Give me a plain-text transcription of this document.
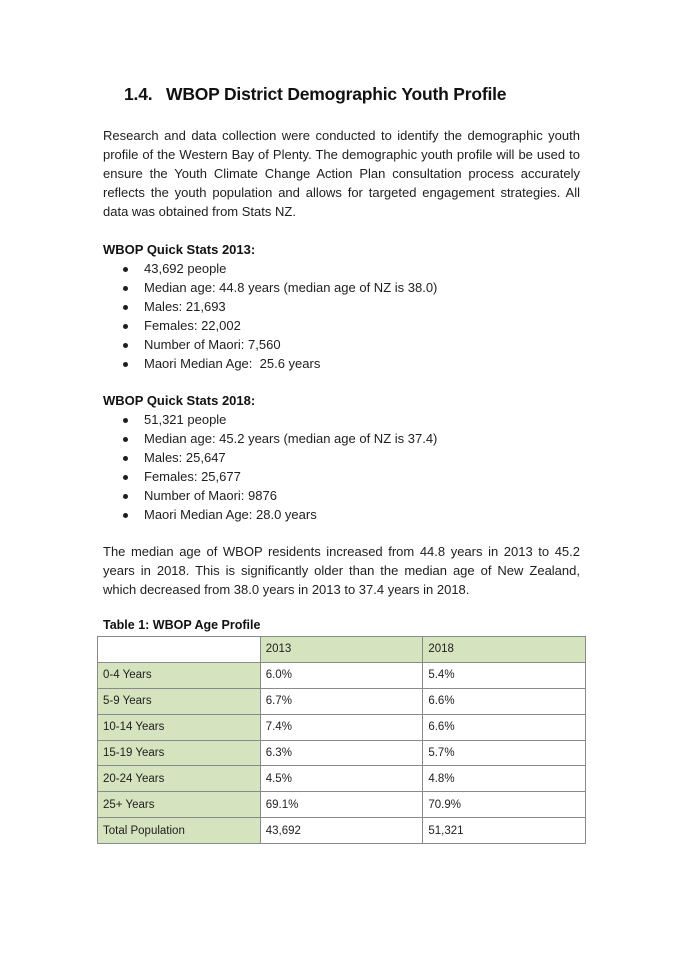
1.4. WBOP District Demographic Youth Profile

Research and data collection were conducted to identify the demographic youth profile of the Western Bay of Plenty. The demographic youth profile will be used to ensure the Youth Climate Change Action Plan consultation process accurately reflects the youth population and allows for targeted engagement strategies. All data was obtained from Stats NZ.

WBOP Quick Stats 2013:

43,692 people
Median age: 44.8 years (median age of NZ is 38.0)
Males: 21,693
Females: 22,002
Number of Maori: 7,560
Maori Median Age:  25.6 years

WBOP Quick Stats 2018:

51,321 people
Median age: 45.2 years (median age of NZ is 37.4)
Males: 25,647
Females: 25,677
Number of Maori: 9876
Maori Median Age: 28.0 years

The median age of WBOP residents increased from 44.8 years in 2013 to 45.2 years in 2018. This is significantly older than the median age of New Zealand, which decreased from 38.0 years in 2013 to 37.4 years in 2018.

Table 1: WBOP Age Profile

	2013	2018
0-4 Years	6.0%	5.4%
5-9 Years	6.7%	6.6%
10-14 Years	7.4%	6.6%
15-19 Years	6.3%	5.7%
20-24 Years	4.5%	4.8%
25+ Years	69.1%	70.9%
Total Population	43,692	51,321
